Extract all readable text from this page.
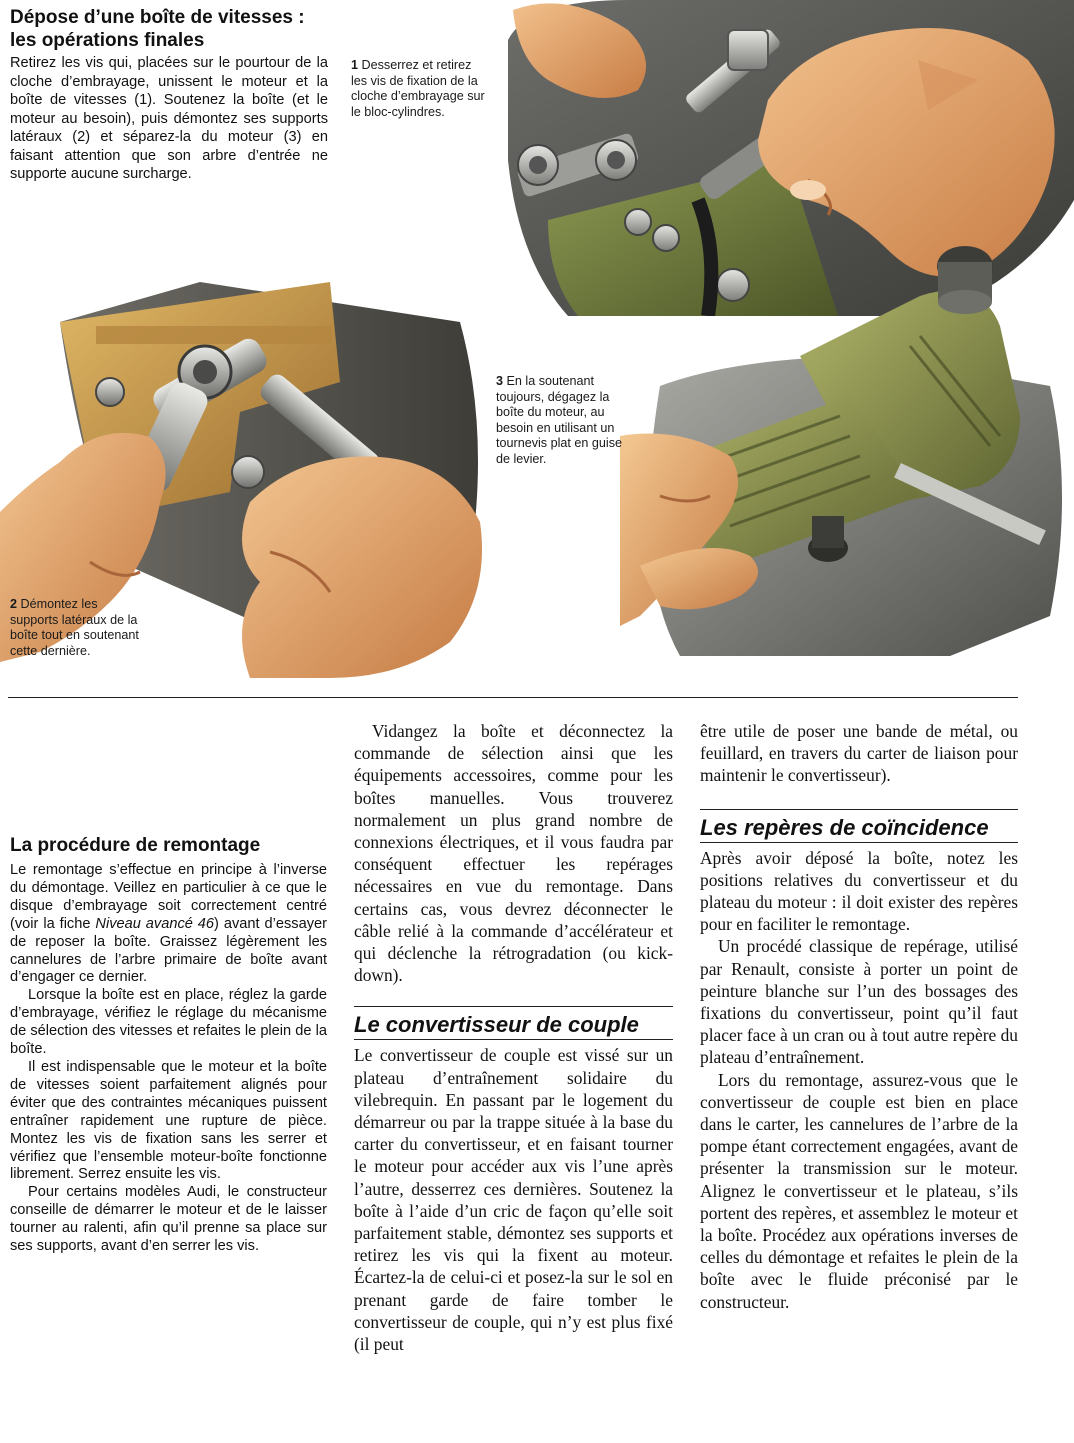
Dépose d’une boîte de vitesses :
les opérations finales

Retirez les vis qui, placées sur le pourtour de la cloche d’embrayage, unissent le moteur et la boîte de vitesses (1). Soutenez la boîte (et le moteur au besoin), puis démontez ses supports latéraux (2) et séparez-la du moteur (3) en faisant attention que son arbre d’entrée ne supporte aucune surcharge.

1 Desserrez et retirez les vis de fixation de la cloche d’embrayage sur le bloc-cylindres.
2 Démontez les supports latéraux de la boîte tout en soutenant cette dernière.
3 En la soutenant toujours, dégagez la boîte du moteur, au besoin en utilisant un tournevis plat en guise de levier.
La procédure de remontage

Le remontage s’effectue en principe à l’inverse du démontage. Veillez en particulier à ce que le disque d’embrayage soit correctement centré (voir la fiche Niveau avancé 46) avant d’essayer de reposer la boîte. Graissez légèrement les cannelures de l’arbre primaire de boîte avant d’engager ce dernier.

Lorsque la boîte est en place, réglez la garde d’embrayage, vérifiez le réglage du mécanisme de sélection des vitesses et refaites le plein de la boîte.

Il est indispensable que le moteur et la boîte de vitesses soient parfaitement alignés pour éviter que des contraintes mécaniques puissent entraîner rapidement une rupture de pièce. Montez les vis de fixation sans les serrer et vérifiez que l’ensemble moteur-boîte fonctionne librement. Serrez ensuite les vis.

Pour certains modèles Audi, le constructeur conseille de démarrer le moteur et de le laisser tourner au ralenti, afin qu’il prenne sa place sur ses supports, avant d’en serrer les vis.

Vidangez la boîte et déconnectez la commande de sélection ainsi que les équipements accessoires, comme pour les boîtes manuelles. Vous trouverez normalement un plus grand nombre de connexions électriques, et il vous faudra par conséquent effectuer les repérages nécessaires en vue du remontage. Dans certains cas, vous devrez déconnecter le câble relié à la commande d’accélérateur et qui déclenche la rétrogradation (ou kick-down).

Le convertisseur de couple

Le convertisseur de couple est vissé sur un plateau d’entraînement solidaire du vilebrequin. En passant par le logement du démarreur ou par la trappe située à la base du carter du convertisseur, et en faisant tourner le moteur pour accéder aux vis l’une après l’autre, desserrez ces dernières. Soutenez la boîte à l’aide d’un cric de façon qu’elle soit parfaitement stable, démontez ses supports et retirez les vis qui la fixent au moteur. Écartez-la de celui-ci et posez-la sur le sol en prenant garde de faire tomber le convertisseur de couple, qui n’y est plus fixé (il peut

être utile de poser une bande de métal, ou feuillard, en travers du carter de liaison pour maintenir le convertisseur).

Les repères de coïncidence

Après avoir déposé la boîte, notez les positions relatives du convertisseur et du plateau du moteur : il doit exister des repères pour en faciliter le remontage.

Un procédé classique de repérage, utilisé par Renault, consiste à porter un point de peinture blanche sur l’un des bossages des fixations du convertisseur, point qu’il faut placer face à un cran ou à tout autre repère du plateau d’entraînement.

Lors du remontage, assurez-vous que le convertisseur de couple est bien en place dans le carter, les cannelures de l’arbre de la pompe étant correctement engagées, avant de présenter la transmission sur le moteur. Alignez le convertisseur et le plateau, s’ils portent des repères, et assemblez le moteur et la boîte. Procédez aux opérations inverses de celles du démontage et refaites le plein de la boîte avec le fluide préconisé par le constructeur.
